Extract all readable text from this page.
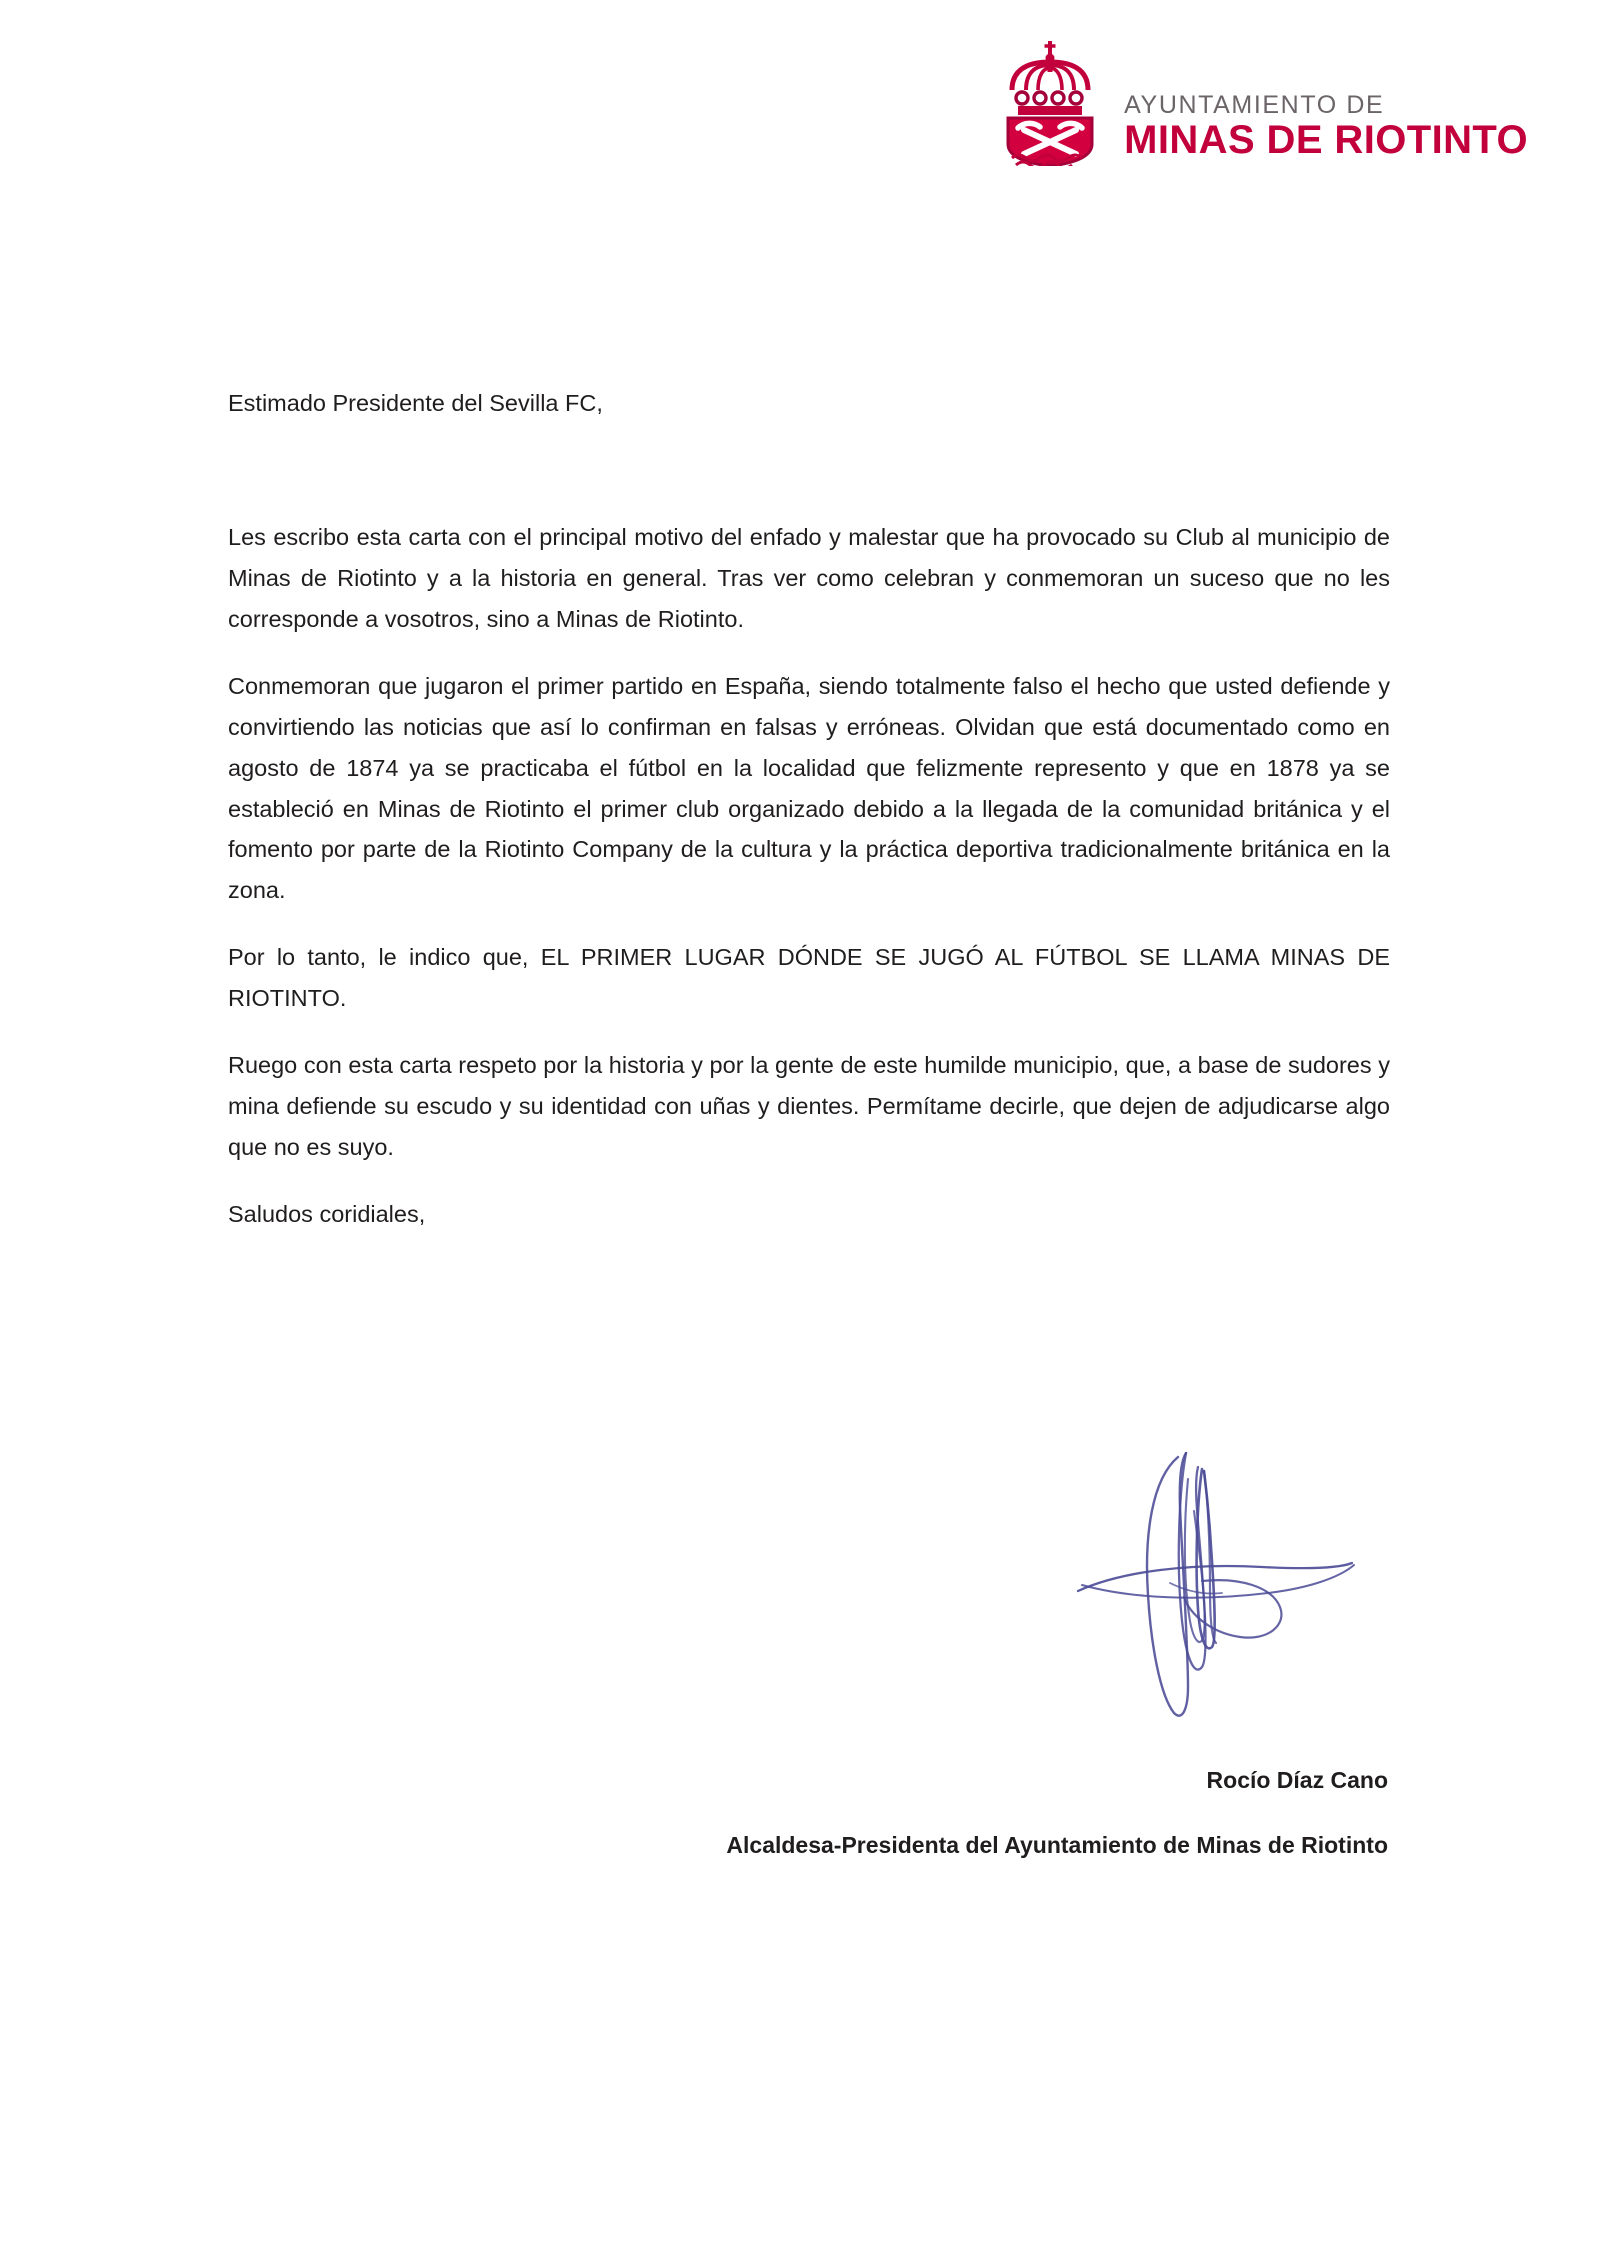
AYUNTAMIENTO DE
MINAS DE RIOTINTO

Estimado Presidente del Sevilla FC,

Les escribo esta carta con el principal motivo del enfado y malestar que ha provocado su Club al municipio de Minas de Riotinto y a la historia en general. Tras ver como celebran y conmemoran un suceso que no les corresponde a vosotros, sino a Minas de Riotinto.

Conmemoran que jugaron el primer partido en España, siendo totalmente falso el hecho que usted defiende y convirtiendo las noticias que así lo confirman en falsas y erróneas. Olvidan que está documentado como en agosto de 1874 ya se practicaba el fútbol en la localidad que felizmente represento y que en 1878 ya se estableció en Minas de Riotinto el primer club organizado debido a la llegada de la comunidad británica y el fomento por parte de la Riotinto Company de la cultura y la práctica deportiva tradicionalmente británica en la zona.

Por lo tanto, le indico que, EL PRIMER LUGAR DÓNDE SE JUGÓ AL FÚTBOL SE LLAMA MINAS DE RIOTINTO.

Ruego con esta carta respeto por la historia y por la gente de este humilde municipio, que, a base de sudores y mina defiende su escudo y su identidad con uñas y dientes. Permítame decirle, que dejen de adjudicarse algo que no es suyo.

Saludos coridiales,

Rocío Díaz Cano
Alcaldesa-Presidenta del Ayuntamiento de Minas de Riotinto
